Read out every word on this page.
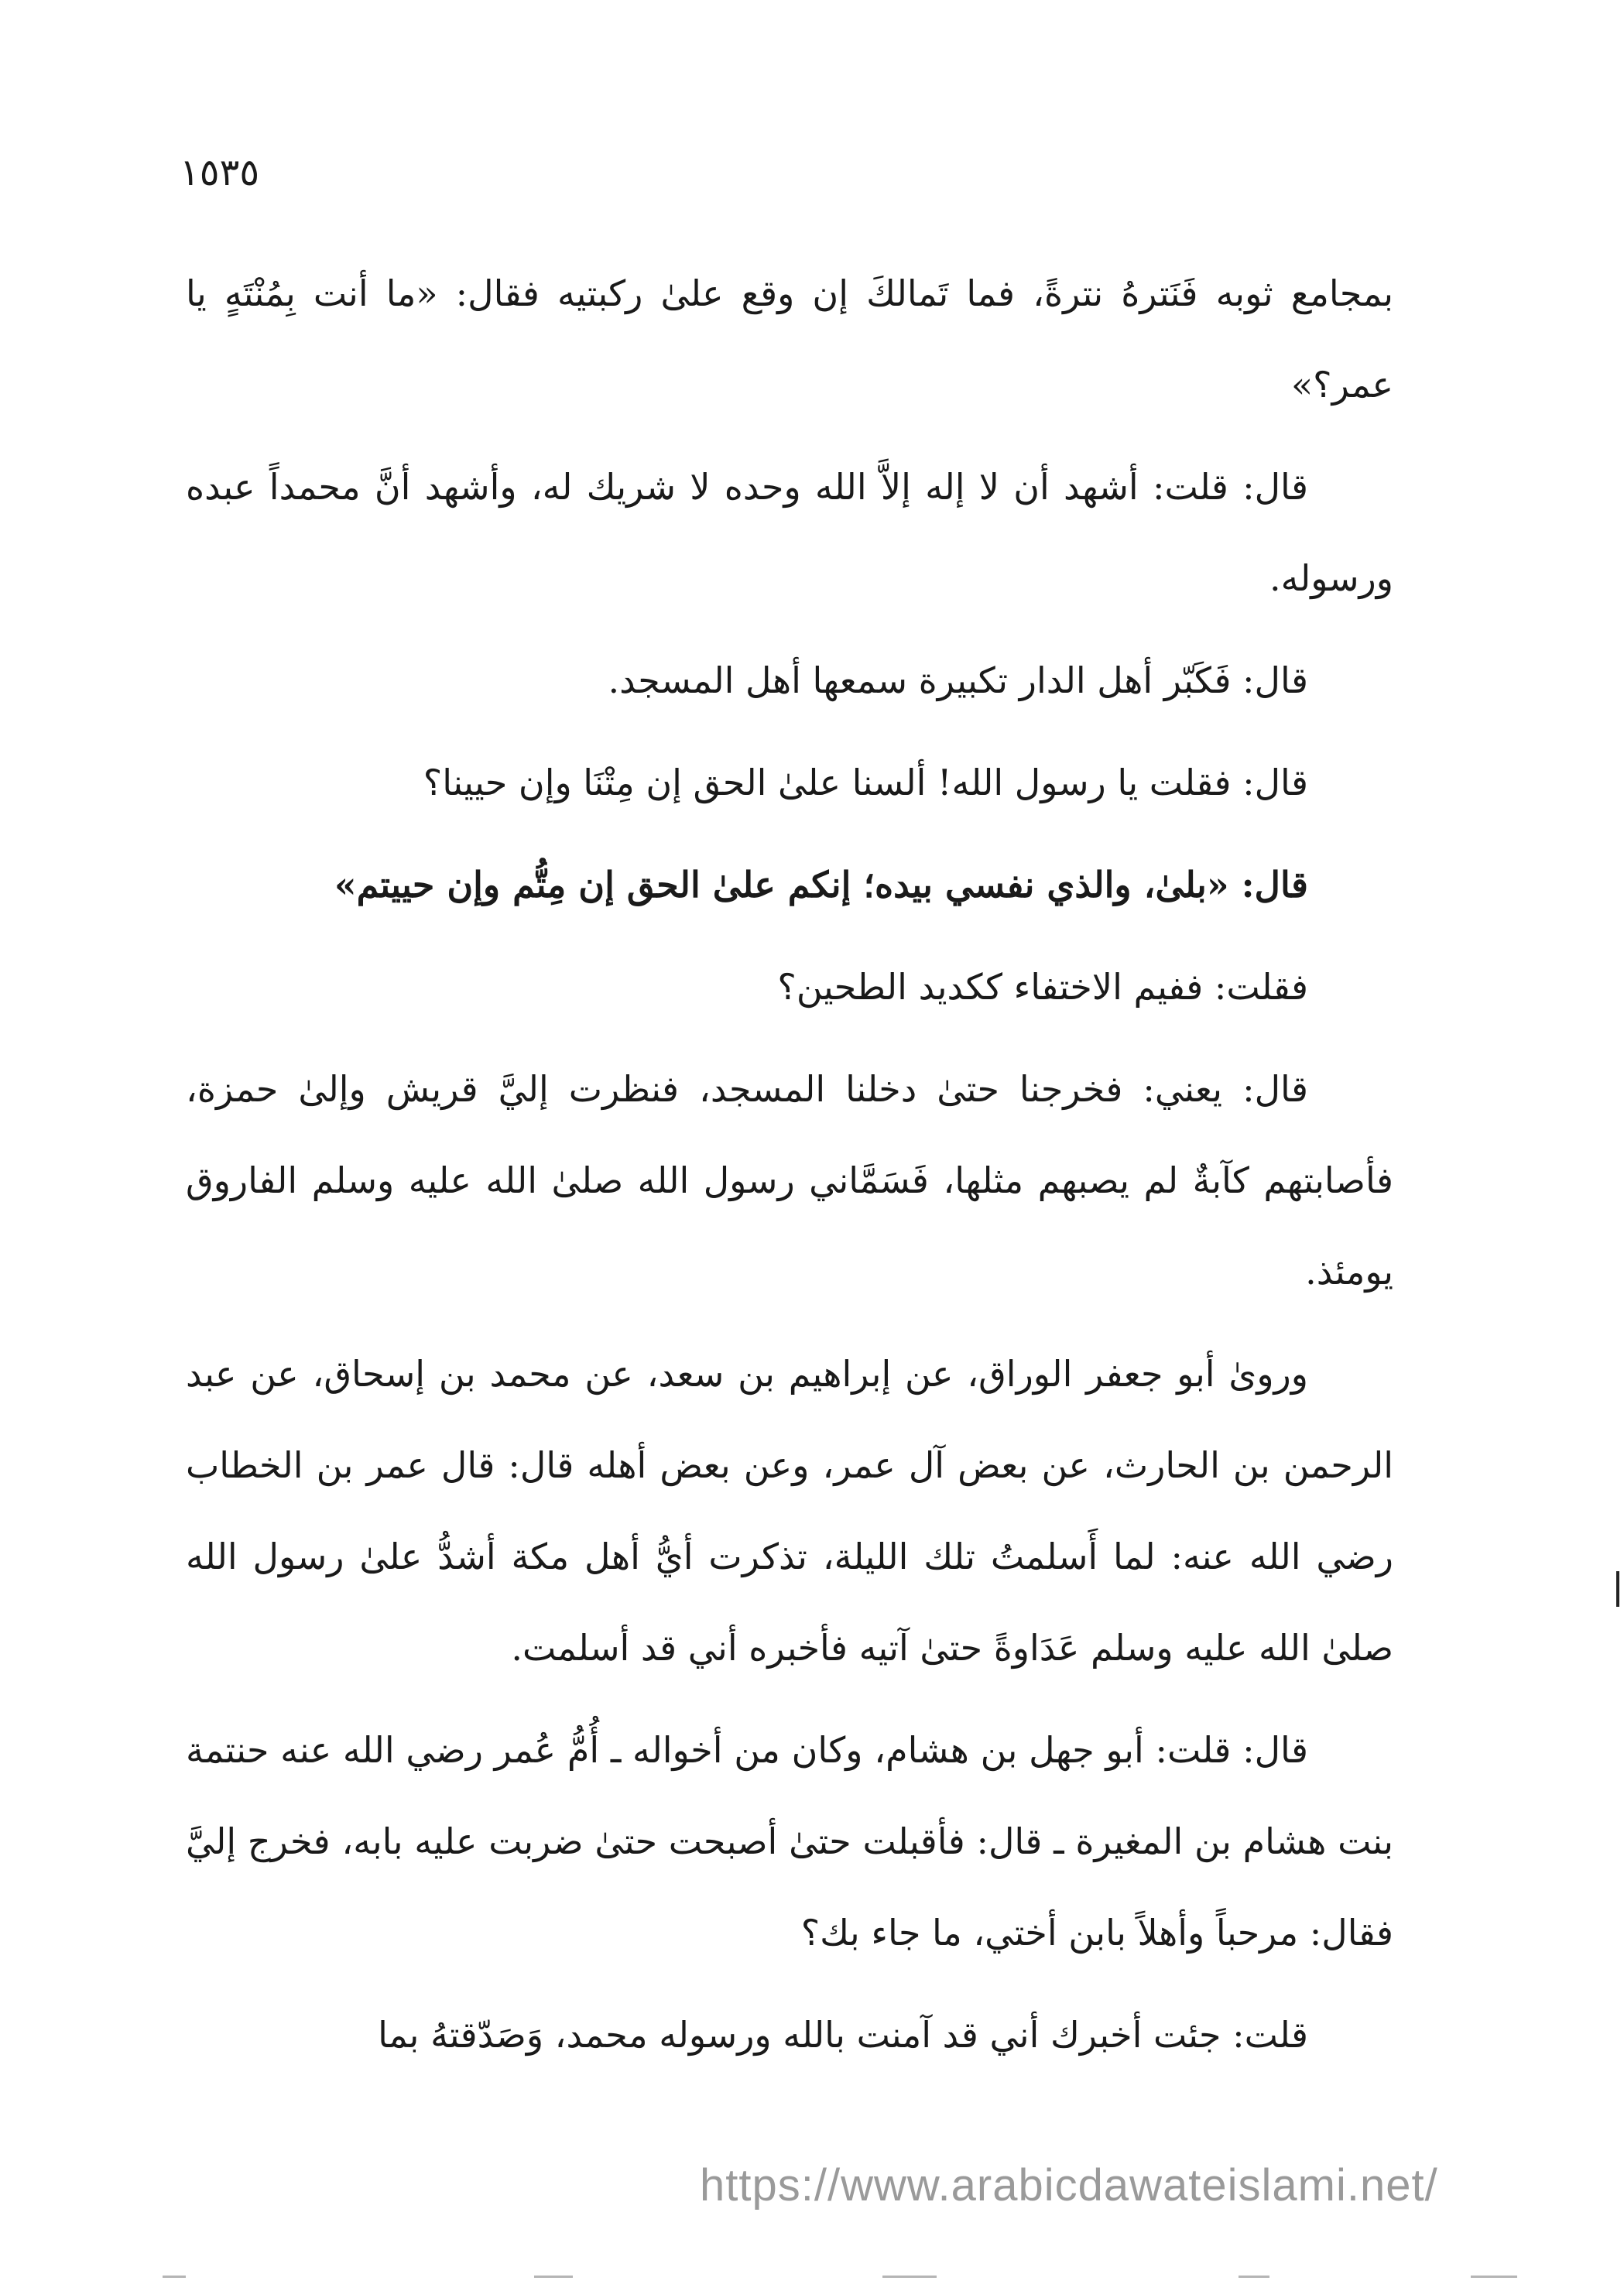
١٥٣٥

بمجامع ثوبه فَنَترهُ نترةً، فما تَمالكَ إن وقع علىٰ ركبتيه فقال: «ما أنت بِمُنْتَهٍ يا عمر؟»

قال: قلت: أشهد أن لا إله إلاَّ الله وحده لا شريك له، وأشهد أنَّ محمداً عبده ورسوله.

قال: فَكَبّر أهل الدار تكبيرة سمعها أهل المسجد.

قال: فقلت يا رسول الله! ألسنا علىٰ الحق إن مِتْنَا وإن حيينا؟

قال: «بلىٰ، والذي نفسي بيده؛ إنكم علىٰ الحق إن مِتُّم وإن حييتم»

فقلت: ففيم الاختفاء ككديد الطحين؟

قال: يعني: فخرجنا حتىٰ دخلنا المسجد، فنظرت إليَّ قريش وإلىٰ حمزة، فأصابتهم كآبةٌ لم يصبهم مثلها، فَسَمَّاني رسول الله صلىٰ الله عليه وسلم الفاروق يومئذ.

وروىٰ أبو جعفر الوراق، عن إبراهيم بن سعد، عن محمد بن إسحاق، عن عبد الرحمن بن الحارث، عن بعض آل عمر، وعن بعض أهله قال: قال عمر بن الخطاب رضي الله عنه: لما أَسلمتُ تلك الليلة، تذكرت أيُّ أهل مكة أشدُّ علىٰ رسول الله صلىٰ الله عليه وسلم عَدَاوةً حتىٰ آتيه فأخبره أني قد أسلمت.

قال: قلت: أبو جهل بن هشام، وكان من أخواله ـ أُمُّ عُمر رضي الله عنه حنتمة بنت هشام بن المغيرة ـ قال: فأقبلت حتىٰ أصبحت حتىٰ ضربت عليه بابه، فخرج إليَّ فقال: مرحباً وأهلاً بابن أختي، ما جاء بك؟

قلت: جئت أخبرك أني قد آمنت بالله ورسوله محمد، وَصَدّقتهُ بما

https://www.arabicdawateislami.net/
